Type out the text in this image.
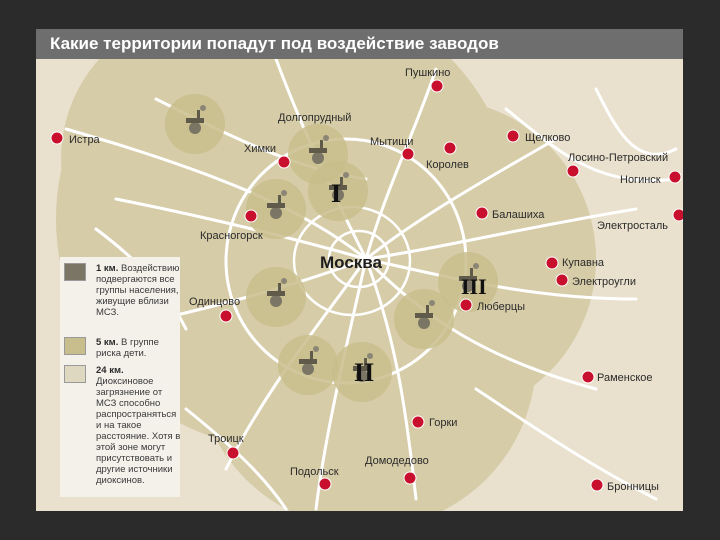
Пушкино
Истра
Долгопрудный
Химки
Мытищи	Щелково
Королев
Лосино-Петровский
Ногинск
Балашиха
Электросталь
Красногорск
Купавна
Электроугли
Одинцово	Люберцы
Раменское
Горки
Троицк
Подольск
Домодедово
Бронницы
Москва
I
II
III
Какие территории попадут под воздействие заводов
1 км. Воздействию подвергаются все группы населения, живущие вблизи МСЗ.
5 км. В группе риска дети.
24 км. Диоксиновое загрязнение от МСЗ способно распространяться и на такое расстояние. Хотя в этой зоне могут присутствовать и другие источники диоксинов.
